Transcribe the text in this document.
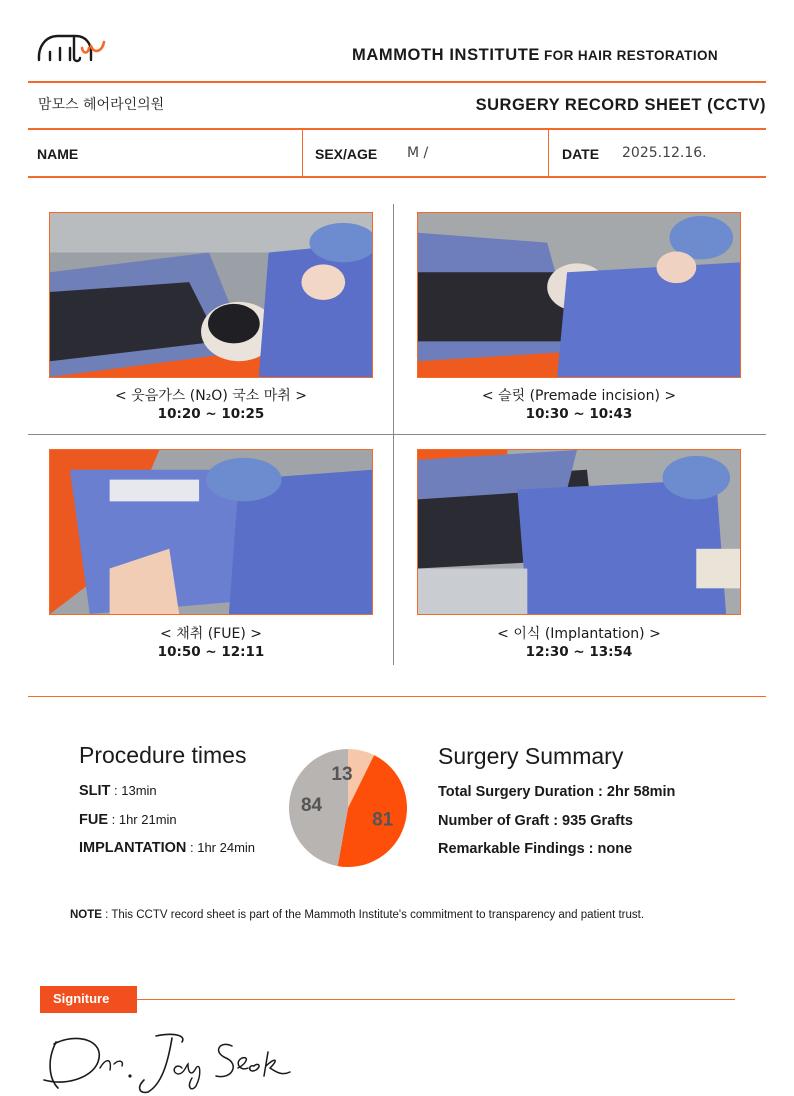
MAMMOTH INSTITUTE FOR HAIR RESTORATION
맘모스 헤어라인의원	SURGERY RECORD SHEET (CCTV)
NAME	SEX/AGE M /	DATE 2025.12.16.
< 웃음가스 (N₂O) 국소 마취 >
10:20 ~ 10:25
< 슬릿 (Premade incision) >
10:30 ~ 10:43
< 채취 (FUE) >
10:50 ~ 12:11
< 이식 (Implantation) >
12:30 ~ 13:54
Procedure times
SLIT : 13min
FUE : 1hr 21min
IMPLANTATION : 1hr 24min
13
81
84
Surgery Summary
Total Surgery Duration : 2hr 58min
Number of Graft : 935 Grafts
Remarkable Findings : none
NOTE : This CCTV record sheet is part of the Mammoth Institute's commitment to transparency and patient trust.
Signiture
